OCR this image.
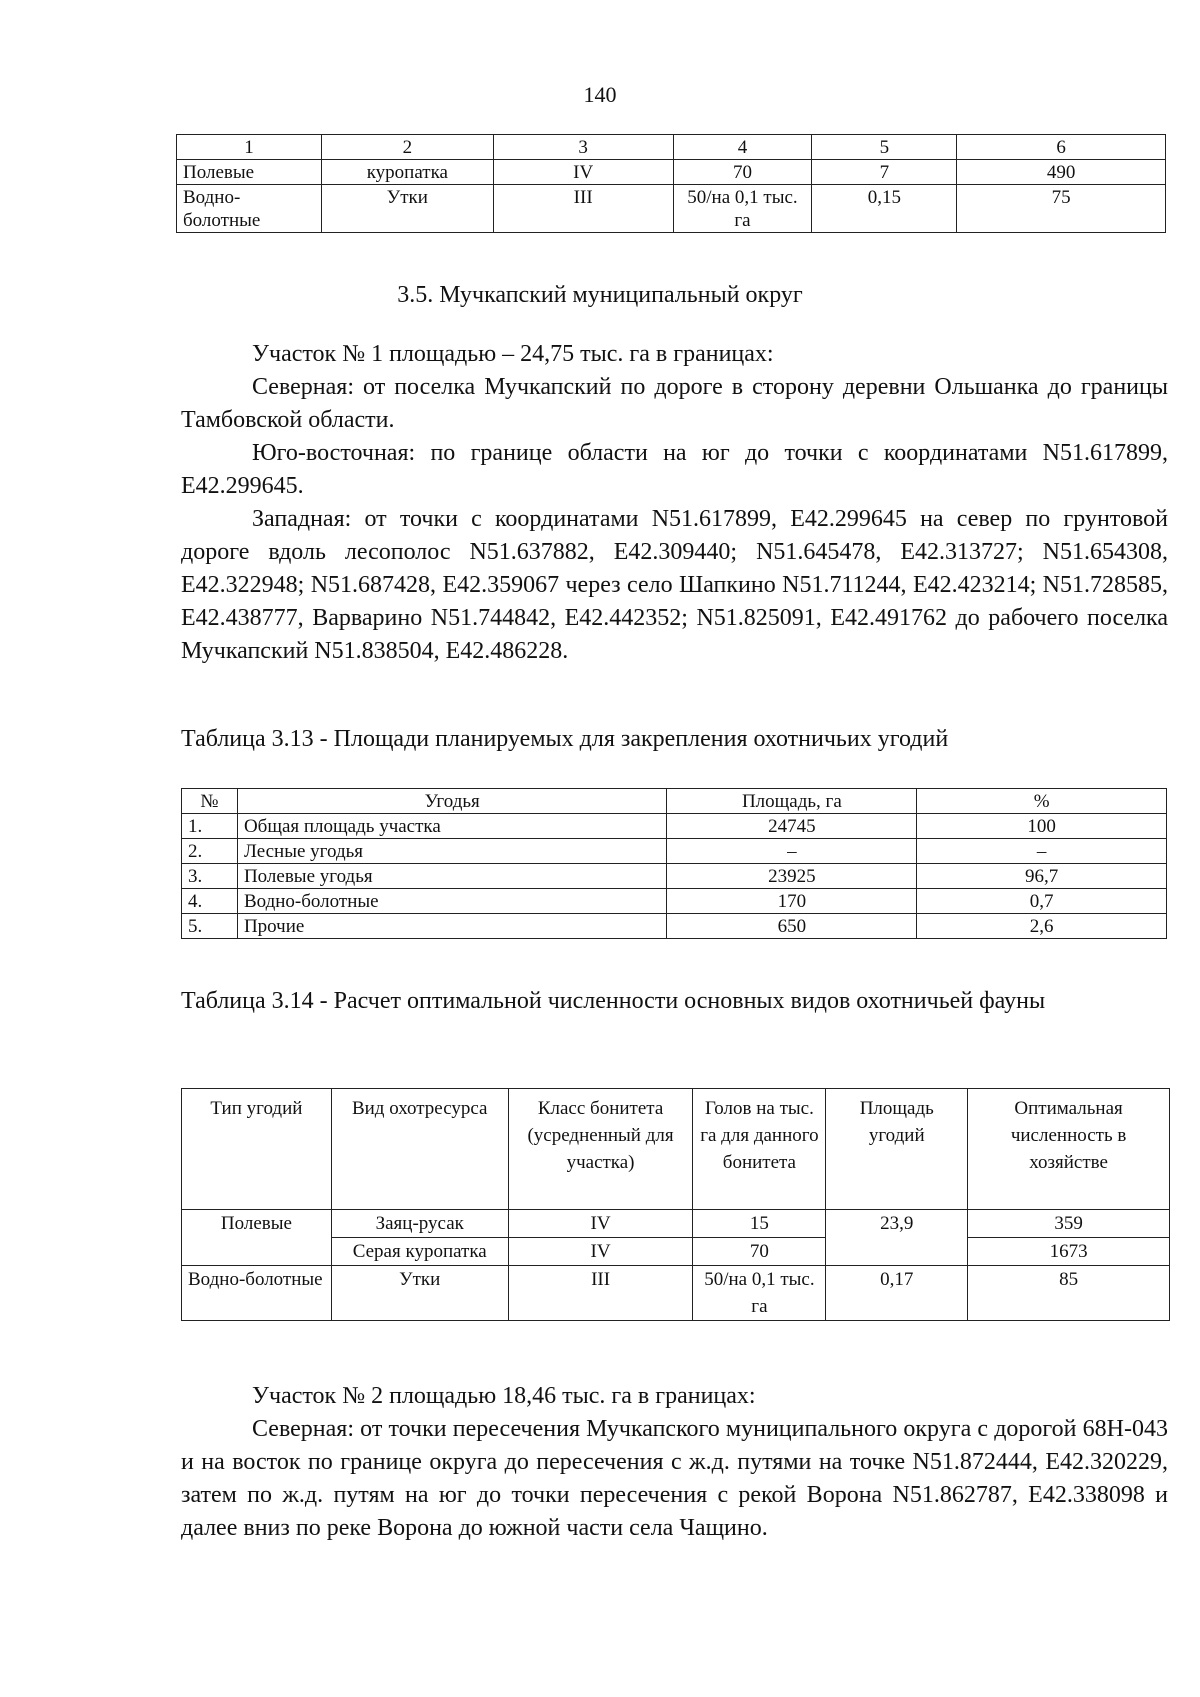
140
1	2	3	4	5	6
Полевые	куропатка	IV	70	7	490
Водно-болотные	Утки	III	50/на 0,1 тыс. га	0,15	75
3.5. Мучкапский муниципальный округ

Участок № 1 площадью – 24,75 тыс. га в границах:

Северная: от поселка Мучкапский по дороге в сторону деревни Ольшанка до границы Тамбовской области.

Юго-восточная: по границе области на юг до точки с координатами N51.617899, E42.299645.

Западная: от точки с координатами N51.617899, E42.299645 на север по грунтовой дороге вдоль лесополос N51.637882, E42.309440; N51.645478, E42.313727; N51.654308, E42.322948; N51.687428, E42.359067 через село Шапкино N51.711244, E42.423214; N51.728585, E42.438777, Варварино N51.744842, E42.442352; N51.825091, E42.491762 до рабочего поселка Мучкапский N51.838504, E42.486228.

Таблица 3.13 - Площади планируемых для закрепления охотничьих угодий
№	Угодья	Площадь, га	%
1.	Общая площадь участка	24745	100
2.	Лесные угодья	–	–
3.	Полевые угодья	23925	96,7
4.	Водно-болотные	170	0,7
5.	Прочие	650	2,6
Таблица 3.14 - Расчет оптимальной численности основных видов охотничьей фауны
Тип угодий	Вид охотресурса	Класс бонитета (усредненный для участка)	Голов на тыс. га для данного бонитета	Площадь угодий	Оптимальная численность в хозяйстве
Полевые	Заяц-русак	IV	15	23,9	359
	Серая куропатка	IV	70		1673
Водно-болотные	Утки	III	50/на 0,1 тыс. га	0,17	85

Участок № 2 площадью 18,46 тыс. га в границах:

Северная: от точки пересечения Мучкапского муниципального округа с дорогой 68Н-043 и на восток по границе округа до пересечения с ж.д. путями на точке N51.872444, E42.320229, затем по ж.д. путям на юг до точки пересечения с рекой Ворона N51.862787, E42.338098 и далее вниз по реке Ворона до южной части села Чащино.
